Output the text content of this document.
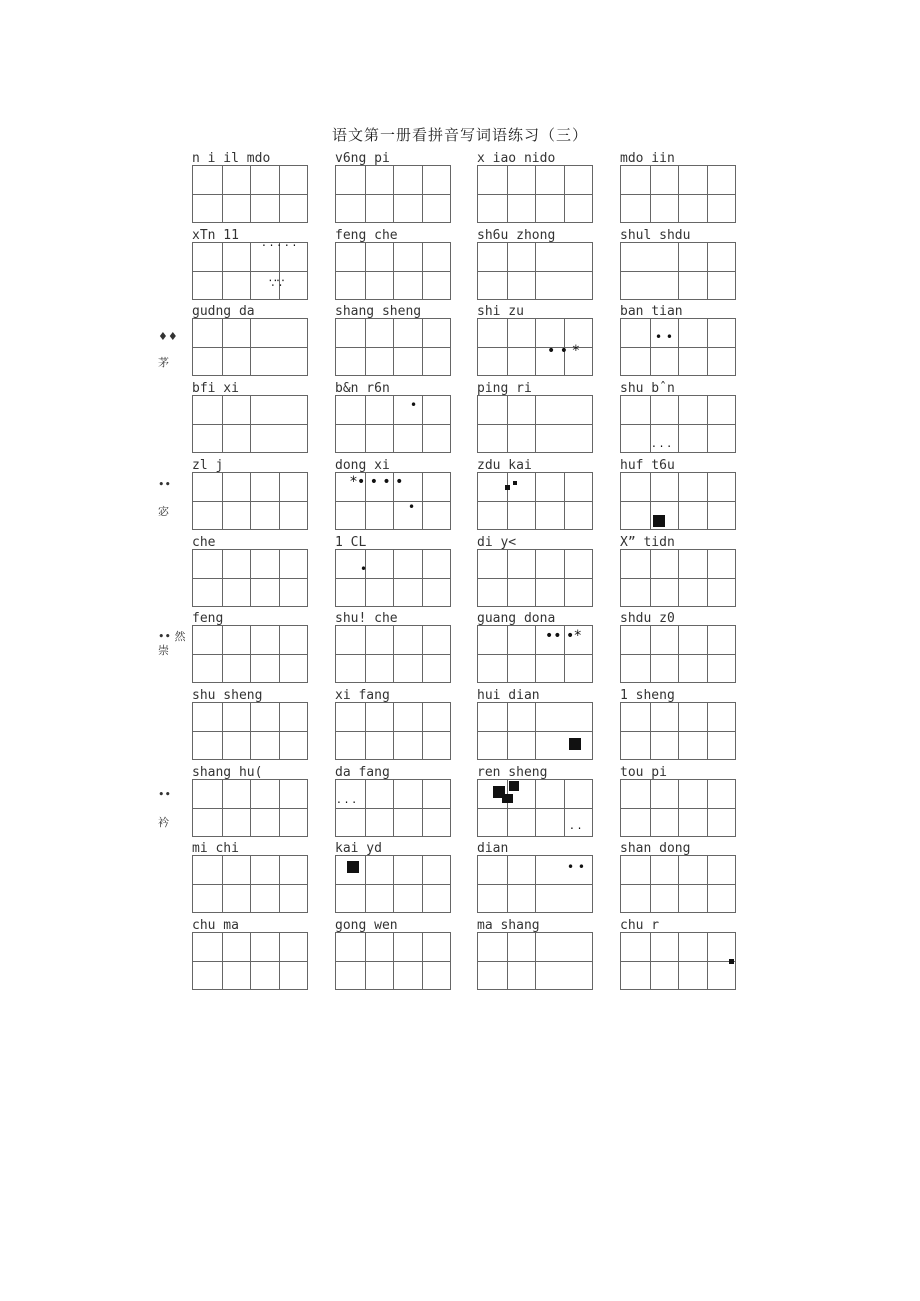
语文第一册看拼音写词语练习（三）
♦♦
茅
••
宓
•• 然
崇
••
衿
n i il mdo	v6ng pi	x iao nido	mdo iin
xTn 11	feng che	sh6u zhong	shul shdu
gudng da	shang sheng	shi zu	ban tian
bfi xi	b&n r6n	ping ri	shu bˆn
zl j	dong xi	zdu kai	huf t6u
che	1 CL	di y<	X” tidn
feng	shu! che	guang dona	shdu z0
shu sheng	xi fang	hui dian	1 sheng
shang hu(	da fang	ren sheng	tou pi
mi chi	kai yd	dian	shan dong
chu ma	gong wen	ma shang	chu r
. . . . .
∵∵
• • *
• •
•
. . .
*• • • •
•
•
•• •*
. . .
. .
• •
